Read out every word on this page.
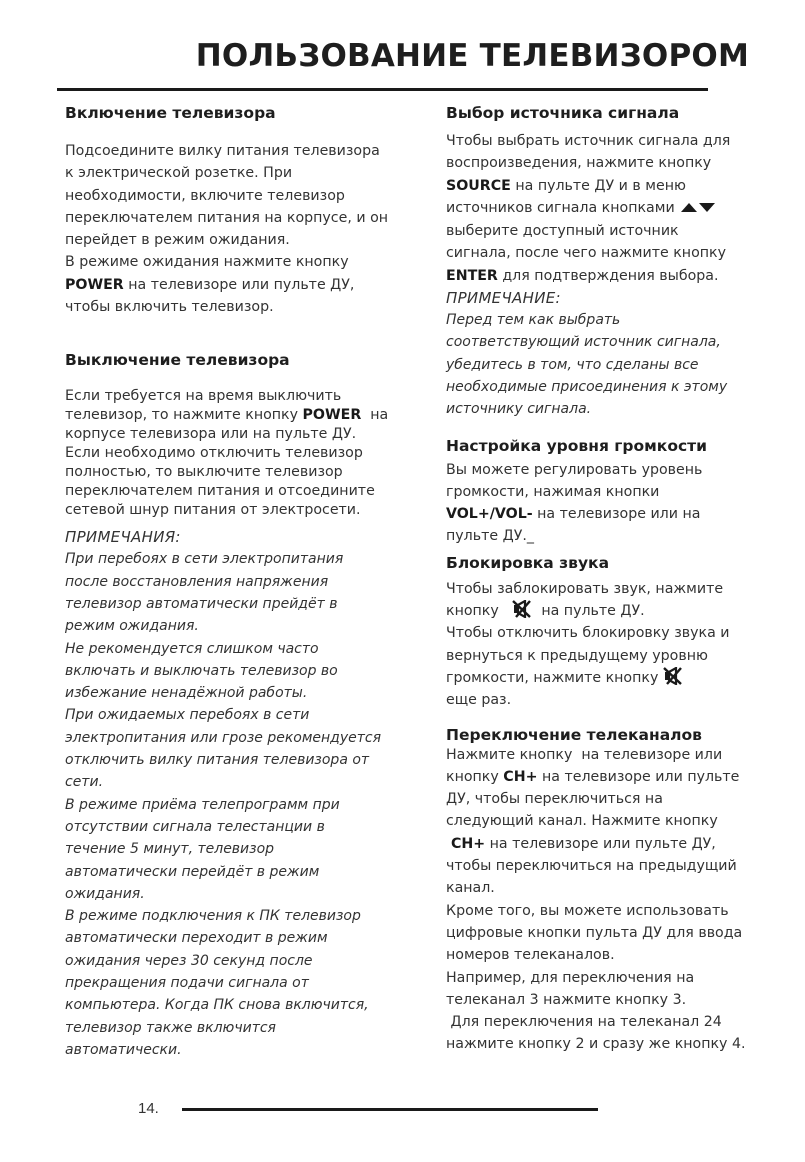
ПОЛЬЗОВАНИЕ ТЕЛЕВИЗОРОМ
Включение телевизора

Подсоедините вилку питания телевизора

к электрической розетке. При

необходимости, включите телевизор

переключателем питания на корпусе, и он

перейдет в режим ожидания.

В режиме ожидания нажмите кнопку

POWER на телевизоре или пульте ДУ,

чтобы включить телевизор.

Выключение телевизора

Если требуется на время выключить

телевизор, то нажмите кнопку POWER  на

корпусе телевизора или на пульте ДУ.

Если необходимо отключить телевизор

полностью, то выключите телевизор

переключателем питания и отсоедините

сетевой шнур питания от электросети.

ПРИМЕЧАНИЯ:

При перебоях в сети электропитания

после восстановления напряжения

телевизор автоматически прейдёт в

режим ожидания.

Не рекомендуется слишком часто

включать и выключать телевизор во

избежание ненадёжной работы.

При ожидаемых перебоях в сети

электропитания или грозе рекомендуется

отключить вилку питания телевизора от

сети.

В режиме приёма телепрограмм при

отсутствии сигнала телестанции в

течение 5 минут, телевизор

автоматически перейдёт в режим

ожидания.

В режиме подключения к ПК телевизор

автоматически переходит в режим

ожидания через 30 секунд после

прекращения подачи сигнала от

компьютера. Когда ПК снова включится,

телевизор также включится

автоматически.

Выбор источника сигнала

Чтобы выбрать источник сигнала для

воспроизведения, нажмите кнопку

SOURCE на пульте ДУ и в меню

источников сигнала кнопками

выберите доступный источник

сигнала, после чего нажмите кнопку

ENTER для подтверждения выбора.

ПРИМЕЧАНИЕ:

Перед тем как выбрать

соответствующий источник сигнала,

убедитесь в том, что сделаны все

необходимые присоединения к этому

источнику сигнала.

Настройка уровня громкости

Вы можете регулировать уровень

громкости, нажимая кнопки

VOL+/VOL- на телевизоре или на

пульте ДУ._

Блокировка звука

Чтобы заблокировать звук, нажмите

кнопку     на пульте ДУ.

Чтобы отключить блокировку звука и

вернуться к предыдущему уровню

громкости, нажмите кнопку

еще раз.

Переключение телеканалов

Нажмите кнопку  на телевизоре или

кнопку CH+ на телевизоре или пульте

ДУ, чтобы переключиться на

следующий канал. Нажмите кнопку

CH+ на телевизоре или пульте ДУ,

чтобы переключиться на предыдущий

канал.

Кроме того, вы можете использовать

цифровые кнопки пульта ДУ для ввода

номеров телеканалов.

Например, для переключения на

телеканал 3 нажмите кнопку 3.

Для переключения на телеканал 24

нажмите кнопку 2 и сразу же кнопку 4.

14.
